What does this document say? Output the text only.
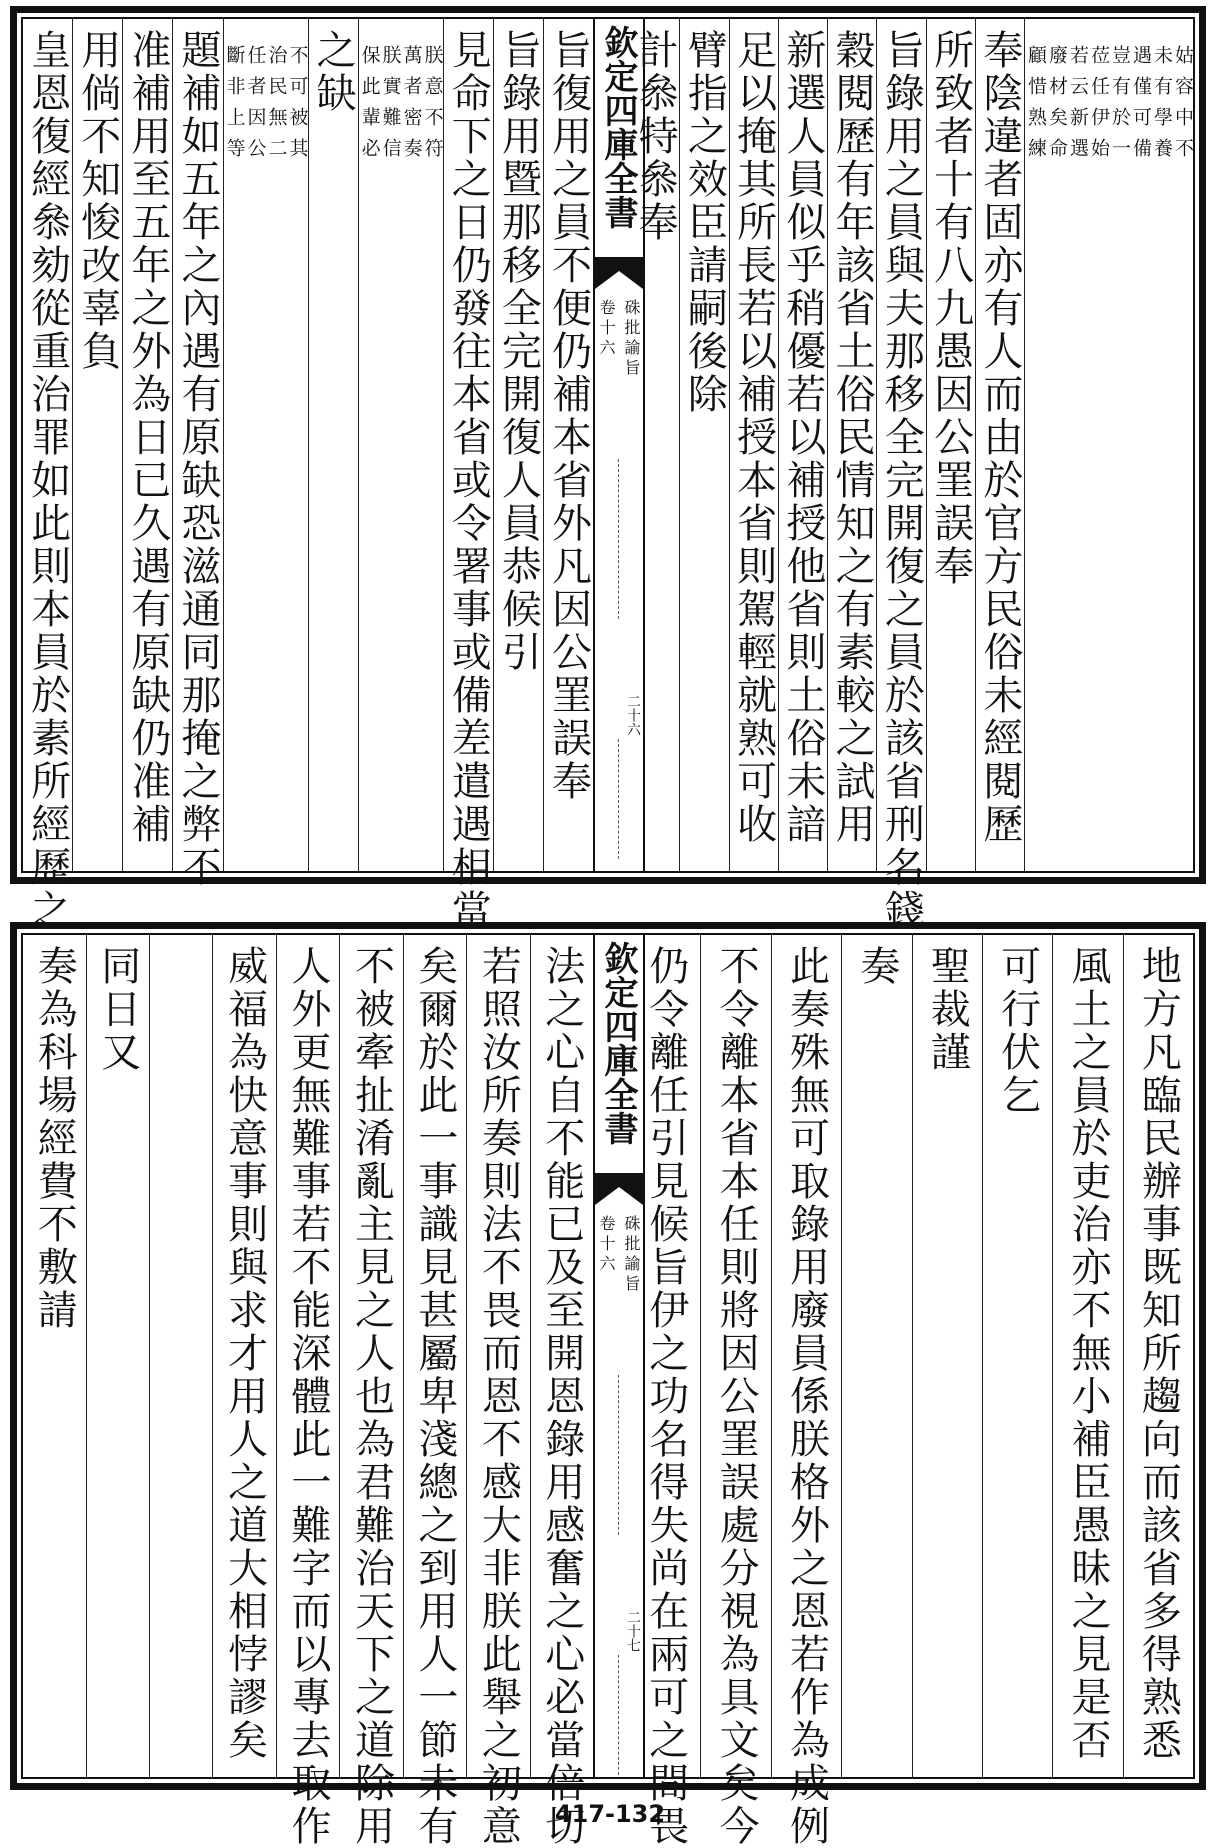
姑容中不
未有學養
遇僅可備
豈有於一
莅任伊始
若云新選
廢材矣命
顧惜熟練
奉陰違者固亦有人而由於官方民俗未經閱歷
所致者十有八九愚因公罣誤奉
旨錄用之員與夫那移全完開復之員於該省刑名錢
穀閱歷有年該省土俗民情知之有素較之試用
新選人員似乎稍優若以補授他省則土俗未諳
足以掩其所長若以補授本省則駕輕就熟可收
臂指之效臣請嗣後除
計叅特叅奉
欽定四庫全書
硃批諭旨
卷十六
二十六
旨復用之員不便仍補本省外凡因公罣誤奉
旨錄用暨那移全完開復人員恭候引
見命下之日仍發往本省或令署事或備差遣遇相當
朕意不符
萬者密奏
朕實難信
保此輩必
之缺
不可被其
治民無二
任者因公
斷非上等
題補如五年之內遇有原缺恐滋通同那掩之弊不
准補用至五年之外為日已久遇有原缺仍准補
用倘不知悛改辜負
皇恩復經叅劾從重治罪如此則本員於素所經歷之
地方凡臨民辦事既知所趨向而該省多得熟悉
風土之員於吏治亦不無小補臣愚昧之見是否
可行伏乞
聖裁謹
奏
此奏殊無可取錄用廢員係朕格外之恩若作為成例
不令離本省本任則將因公罣誤處分視為具文矣今
仍令離任引見候旨伊之功名得失尚在兩可之間畏
欽定四庫全書
硃批諭旨
卷十六
二十七
法之心自不能已及至開恩錄用感奮之心必當倍切
若照汝所奏則法不畏而恩不感大非朕此舉之初意
矣爾於此一事識見甚屬卑淺總之到用人一節未有
不被牽扯淆亂主見之人也為君難治天下之道除用
人外更無難事若不能深體此一難字而以專去取作
威福為快意事則與求才用人之道大相悖謬矣
同日又
奏為科場經費不敷請
417-132
